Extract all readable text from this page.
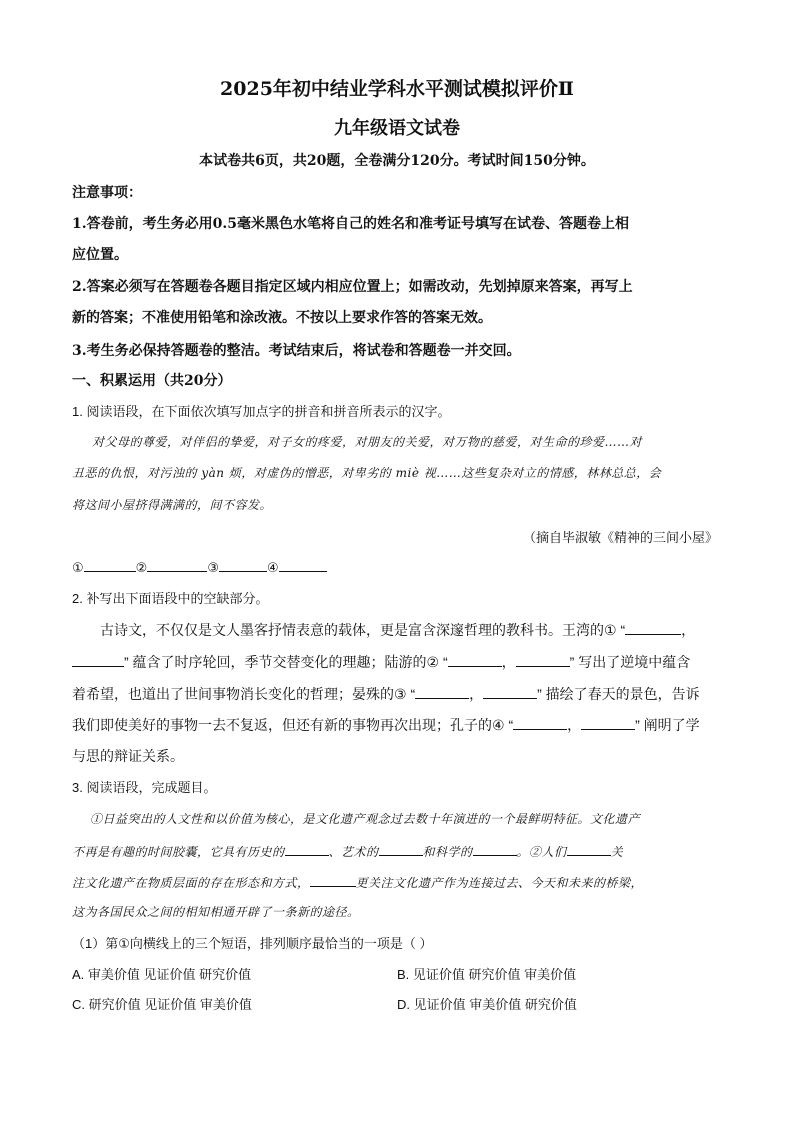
2025年初中结业学科水平测试模拟评价Ⅱ
九年级语文试卷
本试卷共6页，共20题，全卷满分120分。考试时间150分钟。
注意事项：
1.答卷前，考生务必用0.5毫米黑色水笔将自己的姓名和准考证号填写在试卷、答题卷上相
应位置。
2.答案必须写在答题卷各题目指定区域内相应位置上；如需改动，先划掉原来答案，再写上
新的答案；不准使用铅笔和涂改液。不按以上要求作答的答案无效。
3.考生务必保持答题卷的整洁。考试结束后，将试卷和答题卷一并交回。
一、积累运用（共20分）
1. 阅读语段，在下面依次填写加点字的拼音和拼音所表示的汉字。
对父母的尊爱，对伴侣的挚爱，对子女的疼爱，对朋友的关爱，对万物的慈爱，对生命的珍爱……对
丑恶的仇恨，对污浊的 yàn 烦，对虚伪的憎恶，对卑劣的 miè 视……这些复杂对立的情感，林林总总，会
将这间小屋挤得满满的，间不容发。
（摘自毕淑敏《精神的三间小屋》
①	②	③	④
2. 补写出下面语段中的空缺部分。
古诗文，不仅仅是文人墨客抒情表意的载体，更是富含深邃哲理的教科书。王湾的① “	，
” 蕴含了时序轮回，季节交替变化的理趣；陆游的② “	，	” 写出了逆境中蕴含
着希望，也道出了世间事物消长变化的哲理；晏殊的③ “	，	” 描绘了春天的景色，告诉
我们即使美好的事物一去不复返，但还有新的事物再次出现；孔子的④ “	，	” 阐明了学
与思的辩证关系。
3. 阅读语段，完成题目。
①日益突出的人文性和以价值为核心，是文化遗产观念过去数十年演进的一个最鲜明特征。文化遗产
不再是有趣的时间胶囊，它具有历史的	、艺术的	和科学的	。②人们	关
注文化遗产在物质层面的存在形态和方式，	更关注文化遗产作为连接过去、今天和未来的桥梁，
这为各国民众之间的相知相通开辟了一条新的途径。
（1）第①向横线上的三个短语，排列顺序最恰当的一项是（ ）
A. 审美价值 见证价值 研究价值	B. 见证价值 研究价值 审美价值
C. 研究价值 见证价值 审美价值	D. 见证价值 审美价值 研究价值
